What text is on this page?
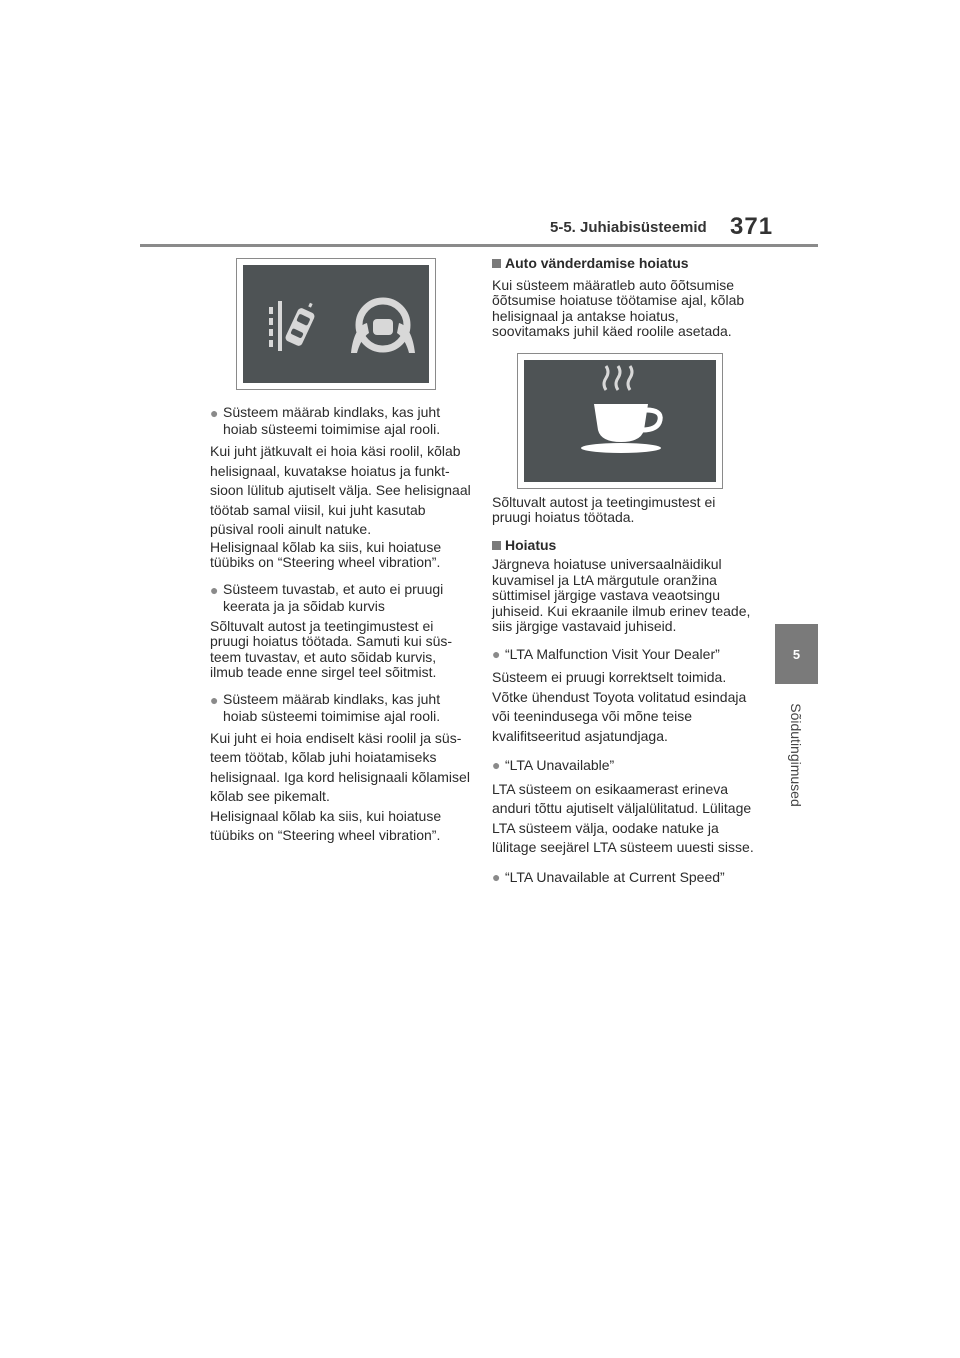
5-5. Juhiabisüsteemid 371
5
Sõidutingimused
● Süsteem määrab kindlaks, kas juht hoiab süsteemi toimimise ajal rooli.
Kui juht jätkuvalt ei hoia käsi roolil, kõlab helisignaal, kuvatakse hoiatus ja funktsioon lülitub ajutiselt välja. See helisignaal töötab samal viisil, kui juht kasutab püsival rooli ainult natuke.
Helisignaal kõlab ka siis, kui hoiatuse tüübiks on “Steering wheel vibration”.
● Süsteem tuvastab, et auto ei pruugi keerata ja ja sõidab kurvis
Sõltuvalt autost ja teetingimustest ei pruugi hoiatus töötada. Samuti kui süsteem tuvastav, et auto sõidab kurvis, ilmub teade enne sirgel teel sõitmist.
● Süsteem määrab kindlaks, kas juht hoiab süsteemi toimimise ajal rooli.
Kui juht ei hoia endiselt käsi roolil ja süsteem töötab, kõlab juhi hoiatamiseks helisignaal. Iga kord helisignaali kõlamisel kõlab see pikemalt.
Helisignaal kõlab ka siis, kui hoiatuse tüübiks on “Steering wheel vibration”.
Auto vänderdamise hoiatus
Kui süsteem määratleb auto õõtsumise õõtsumise hoiatuse töötamise ajal, kõlab helisignaal ja antakse hoiatus, soovitamaks juhil käed roolile asetada.
Sõltuvalt autost ja teetingimustest ei pruugi hoiatus töötada.
Hoiatus
Järgneva hoiatuse universaalnäidikul kuvamisel ja LtA märgutule oranžina süttimisel järgige vastava veaotsingu juhiseid. Kui ekraanile ilmub erinev teade, siis järgige vastavaid juhiseid.
● “LTA Malfunction Visit Your Dealer”
Süsteem ei pruugi korrektselt toimida. Võtke ühendust Toyota volitatud esindaja või teenindusega või mõne teise kvalifitseeritud asjatundjaga.
● “LTA Unavailable”
LTA süsteem on esikaamerast erineva anduri tõttu ajutiselt väljalülitatud. Lülitage LTA süsteem välja, oodake natuke ja lülitage seejärel LTA süsteem uuesti sisse.
● “LTA Unavailable at Current Speed”
